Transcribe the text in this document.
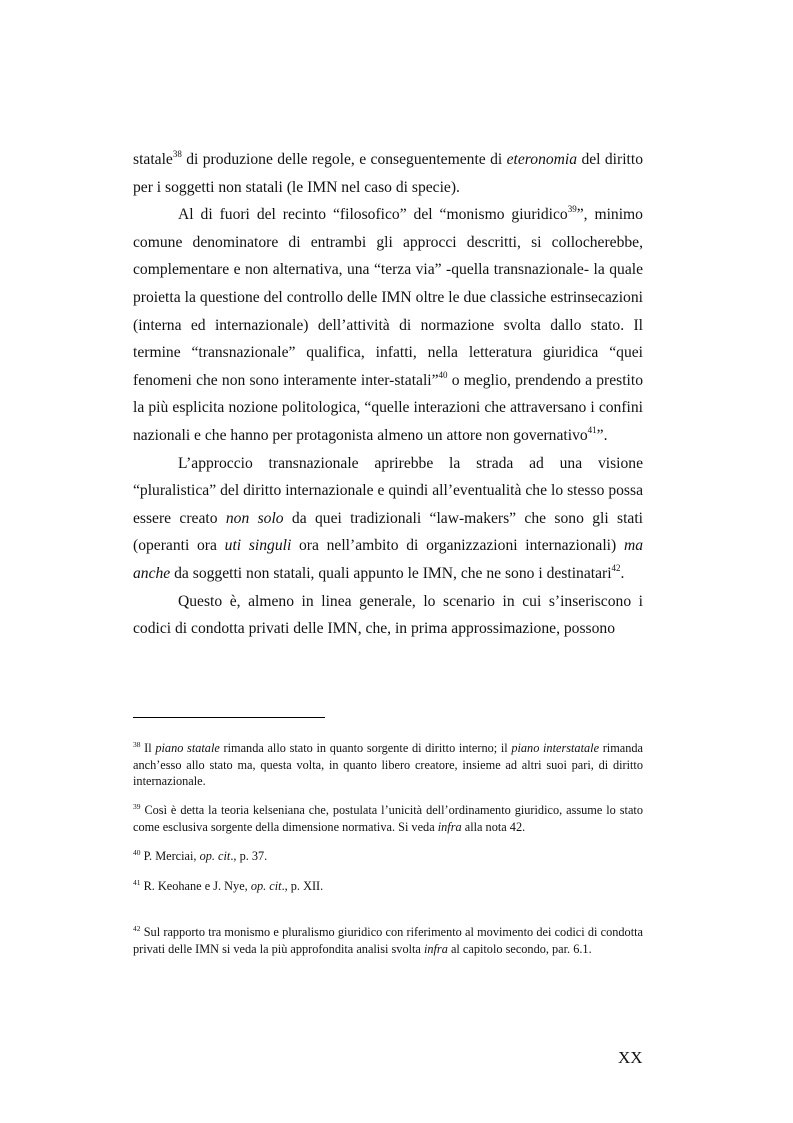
statale$^{38}$ di produzione delle regole, e conseguentemente di eteronomia del diritto per i soggetti non statali (le IMN nel caso di specie).

Al di fuori del recinto “filosofico” del “monismo giuridico$^{39}$”, minimo comune denominatore di entrambi gli approcci descritti, si collocherebbe, complementare e non alternativa, una “terza via” -quella transnazionale- la quale proietta la questione del controllo delle IMN oltre le due classiche estrinsecazioni (interna ed internazionale) dell’attività di normazione svolta dallo stato. Il termine “transnazionale” qualifica, infatti, nella letteratura giuridica “quei fenomeni che non sono interamente inter-statali”$^{40}$ o meglio, prendendo a prestito la più esplicita nozione politologica, “quelle interazioni che attraversano i confini nazionali e che hanno per protagonista almeno un attore non governativo$^{41}$”.

L’approccio transnazionale aprirebbe la strada ad una visione “pluralistica” del diritto internazionale e quindi all’eventualità che lo stesso possa essere creato non solo da quei tradizionali “law-makers” che sono gli stati (operanti ora uti singuli ora nell’ambito di organizzazioni internazionali) ma anche da soggetti non statali, quali appunto le IMN, che ne sono i destinatari$^{42}$.

Questo è, almeno in linea generale, lo scenario in cui s’inseriscono i codici di condotta privati delle IMN, che, in prima approssimazione, possono

$^{38}$ Il piano statale rimanda allo stato in quanto sorgente di diritto interno; il piano interstatale rimanda anch’esso allo stato ma, questa volta, in quanto libero creatore, insieme ad altri suoi pari, di diritto internazionale.

$^{39}$ Così è detta la teoria kelseniana che, postulata l’unicità dell’ordinamento giuridico, assume lo stato come esclusiva sorgente della dimensione normativa. Si veda infra alla nota 42.

$^{40}$ P. Merciai, op. cit., p. 37.

$^{41}$ R. Keohane e J. Nye, op. cit., p. XII.

$^{42}$ Sul rapporto tra monismo e pluralismo giuridico con riferimento al movimento dei codici di condotta privati delle IMN si veda la più approfondita analisi svolta infra al capitolo secondo, par. 6.1.

XX
